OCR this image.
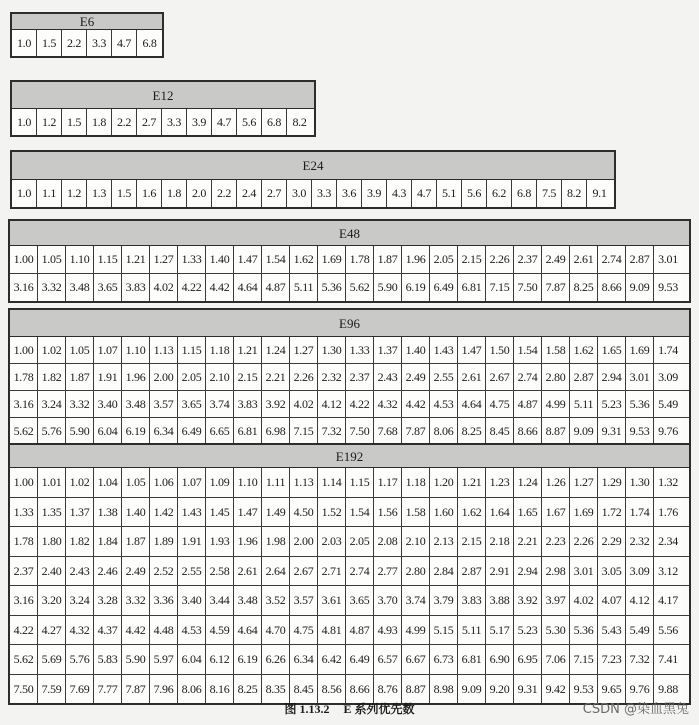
E6
1.0 1.5 2.2 3.3 4.7 6.8
E12
1.0 1.2 1.5 1.8 2.2 2.7 3.3 3.9 4.7 5.6 6.8 8.2
E24
1.0 1.1 1.2 1.3 1.5 1.6 1.8 2.0 2.2 2.4 2.7 3.0 3.3 3.6 3.9 4.3 4.7 5.1 5.6 6.2 6.8 7.5 8.2 9.1
E48
1.00 1.05 1.10 1.15 1.21 1.27 1.33 1.40 1.47 1.54 1.62 1.69 1.78 1.87 1.96 2.05 2.15 2.26 2.37 2.49 2.61 2.74 2.87 3.01
3.16 3.32 3.48 3.65 3.83 4.02 4.22 4.42 4.64 4.87 5.11 5.36 5.62 5.90 6.19 6.49 6.81 7.15 7.50 7.87 8.25 8.66 9.09 9.53
E96
1.00 1.02 1.05 1.07 1.10 1.13 1.15 1.18 1.21 1.24 1.27 1.30 1.33 1.37 1.40 1.43 1.47 1.50 1.54 1.58 1.62 1.65 1.69 1.74
1.78 1.82 1.87 1.91 1.96 2.00 2.05 2.10 2.15 2.21 2.26 2.32 2.37 2.43 2.49 2.55 2.61 2.67 2.74 2.80 2.87 2.94 3.01 3.09
3.16 3.24 3.32 3.40 3.48 3.57 3.65 3.74 3.83 3.92 4.02 4.12 4.22 4.32 4.42 4.53 4.64 4.75 4.87 4.99 5.11 5.23 5.36 5.49
5.62 5.76 5.90 6.04 6.19 6.34 6.49 6.65 6.81 6.98 7.15 7.32 7.50 7.68 7.87 8.06 8.25 8.45 8.66 8.87 9.09 9.31 9.53 9.76
E192
1.00 1.01 1.02 1.04 1.05 1.06 1.07 1.09 1.10 1.11 1.13 1.14 1.15 1.17 1.18 1.20 1.21 1.23 1.24 1.26 1.27 1.29 1.30 1.32
1.33 1.35 1.37 1.38 1.40 1.42 1.43 1.45 1.47 1.49 4.50 1.52 1.54 1.56 1.58 1.60 1.62 1.64 1.65 1.67 1.69 1.72 1.74 1.76
1.78 1.80 1.82 1.84 1.87 1.89 1.91 1.93 1.96 1.98 2.00 2.03 2.05 2.08 2.10 2.13 2.15 2.18 2.21 2.23 2.26 2.29 2.32 2.34
2.37 2.40 2.43 2.46 2.49 2.52 2.55 2.58 2.61 2.64 2.67 2.71 2.74 2.77 2.80 2.84 2.87 2.91 2.94 2.98 3.01 3.05 3.09 3.12
3.16 3.20 3.24 3.28 3.32 3.36 3.40 3.44 3.48 3.52 3.57 3.61 3.65 3.70 3.74 3.79 3.83 3.88 3.92 3.97 4.02 4.07 4.12 4.17
4.22 4.27 4.32 4.37 4.42 4.48 4.53 4.59 4.64 4.70 4.75 4.81 4.87 4.93 4.99 5.15 5.11 5.17 5.23 5.30 5.36 5.43 5.49 5.56
5.62 5.69 5.76 5.83 5.90 5.97 6.04 6.12 6.19 6.26 6.34 6.42 6.49 6.57 6.67 6.73 6.81 6.90 6.95 7.06 7.15 7.23 7.32 7.41
7.50 7.59 7.69 7.77 7.87 7.96 8.06 8.16 8.25 8.35 8.45 8.56 8.66 8.76 8.87 8.98 9.09 9.20 9.31 9.42 9.53 9.65 9.76 9.88
图 1.13.2 E 系列优先数	CSDN @染血黑兔
